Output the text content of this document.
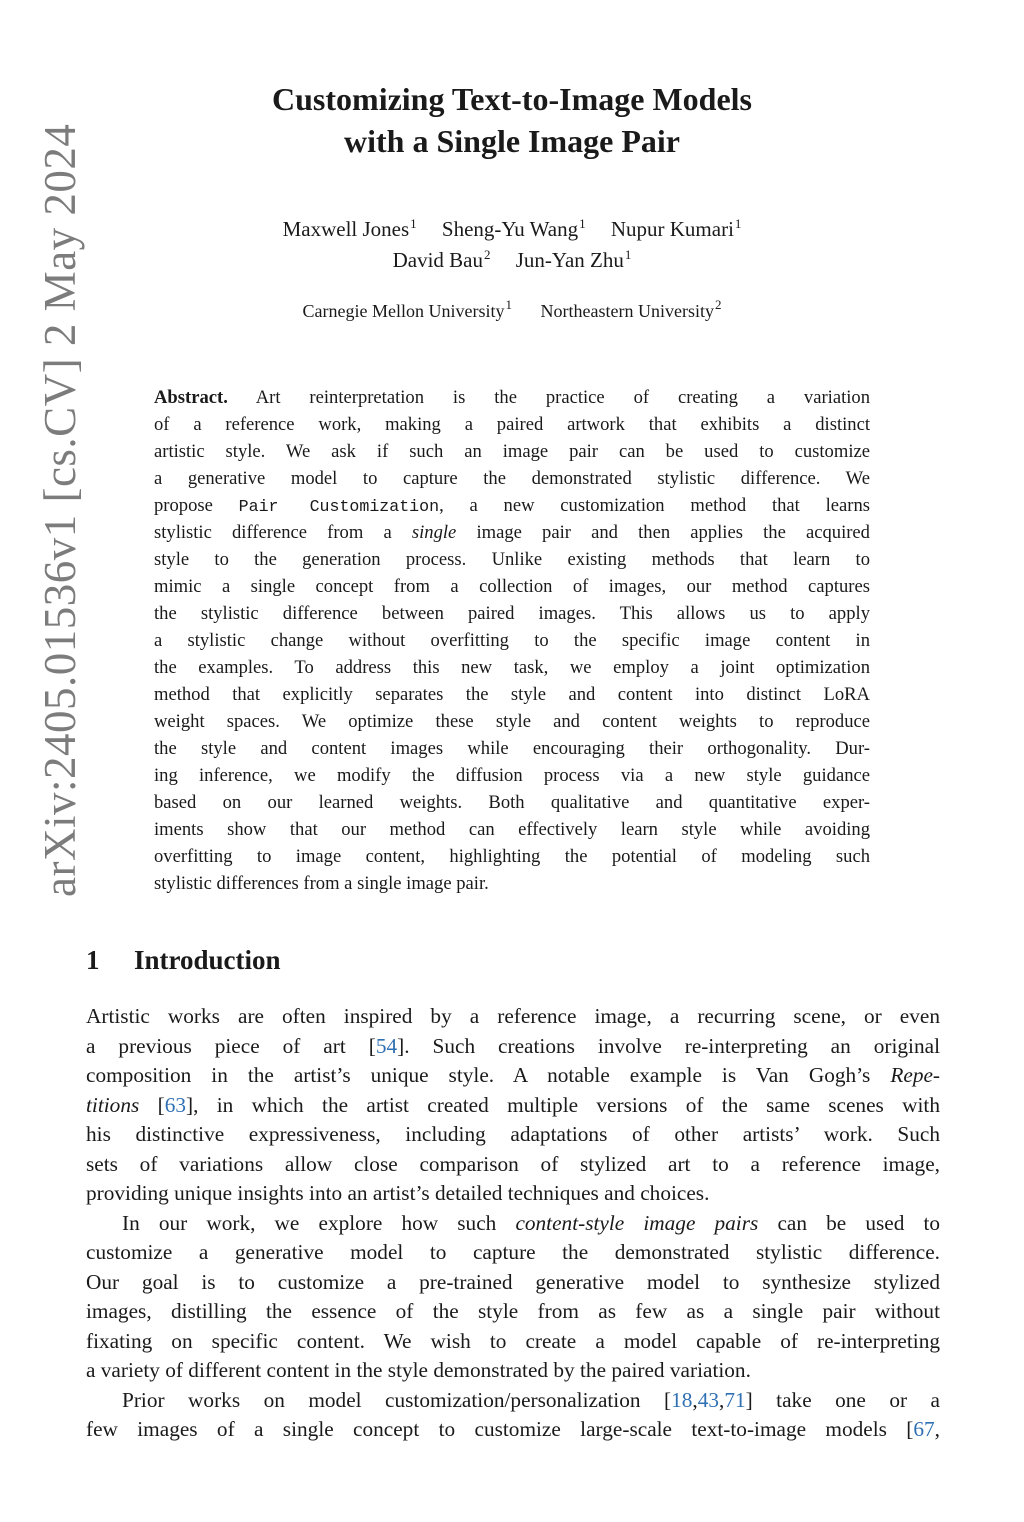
arXiv:2405.01536v1 [cs.CV] 2 May 2024
Customizing Text-to-Image Models
with a Single Image Pair
Maxwell Jones$^1$ Sheng-Yu Wang$^1$ Nupur Kumari$^1$
David Bau$^2$ Jun-Yan Zhu$^1$
Carnegie Mellon University$^1$ Northeastern University$^2$
Abstract. Art reinterpretation is the practice of creating a variation
of a reference work, making a paired artwork that exhibits a distinct
artistic style. We ask if such an image pair can be used to customize
a generative model to capture the demonstrated stylistic difference. We
propose Pair Customization, a new customization method that learns
stylistic difference from a single image pair and then applies the acquired
style to the generation process. Unlike existing methods that learn to
mimic a single concept from a collection of images, our method captures
the stylistic difference between paired images. This allows us to apply
a stylistic change without overfitting to the specific image content in
the examples. To address this new task, we employ a joint optimization
method that explicitly separates the style and content into distinct LoRA
weight spaces. We optimize these style and content weights to reproduce
the style and content images while encouraging their orthogonality. Dur-
ing inference, we modify the diffusion process via a new style guidance
based on our learned weights. Both qualitative and quantitative exper-
iments show that our method can effectively learn style while avoiding
overfitting to image content, highlighting the potential of modeling such
stylistic differences from a single image pair.
1 Introduction
Artistic works are often inspired by a reference image, a recurring scene, or even
a previous piece of art [54]. Such creations involve re-interpreting an original
composition in the artist’s unique style. A notable example is Van Gogh’s Repe-
titions [63], in which the artist created multiple versions of the same scenes with
his distinctive expressiveness, including adaptations of other artists’ work. Such
sets of variations allow close comparison of stylized art to a reference image,
providing unique insights into an artist’s detailed techniques and choices.
In our work, we explore how such content-style image pairs can be used to
customize a generative model to capture the demonstrated stylistic difference.
Our goal is to customize a pre-trained generative model to synthesize stylized
images, distilling the essence of the style from as few as a single pair without
fixating on specific content. We wish to create a model capable of re-interpreting
a variety of different content in the style demonstrated by the paired variation.
Prior works on model customization/personalization [18,43,71] take one or a
few images of a single concept to customize large-scale text-to-image models [67,
